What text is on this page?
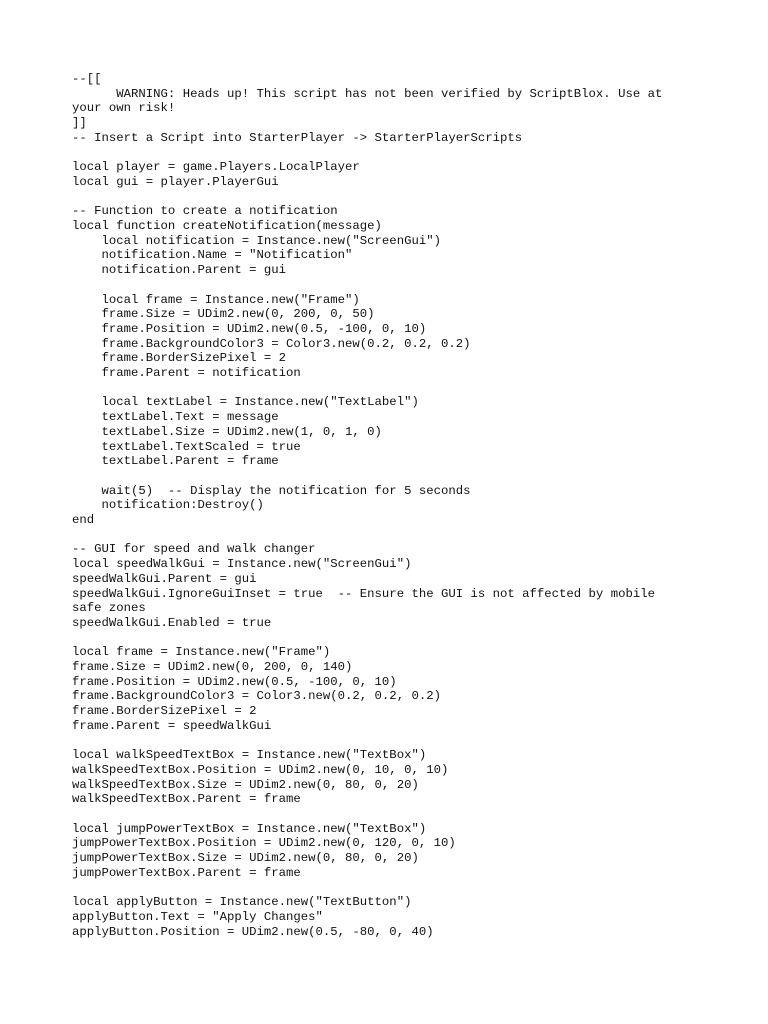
--[[
WARNING: Heads up! This script has not been verified by ScriptBlox. Use at
your own risk!
]]
-- Insert a Script into StarterPlayer -> StarterPlayerScripts
local player = game.Players.LocalPlayer
local gui = player.PlayerGui
-- Function to create a notification
local function createNotification(message)
local notification = Instance.new("ScreenGui")
notification.Name = "Notification"
notification.Parent = gui
local frame = Instance.new("Frame")
frame.Size = UDim2.new(0, 200, 0, 50)
frame.Position = UDim2.new(0.5, -100, 0, 10)
frame.BackgroundColor3 = Color3.new(0.2, 0.2, 0.2)
frame.BorderSizePixel = 2
frame.Parent = notification
local textLabel = Instance.new("TextLabel")
textLabel.Text = message
textLabel.Size = UDim2.new(1, 0, 1, 0)
textLabel.TextScaled = true
textLabel.Parent = frame
wait(5)  -- Display the notification for 5 seconds
notification:Destroy()
end
-- GUI for speed and walk changer
local speedWalkGui = Instance.new("ScreenGui")
speedWalkGui.Parent = gui
speedWalkGui.IgnoreGuiInset = true  -- Ensure the GUI is not affected by mobile
safe zones
speedWalkGui.Enabled = true
local frame = Instance.new("Frame")
frame.Size = UDim2.new(0, 200, 0, 140)
frame.Position = UDim2.new(0.5, -100, 0, 10)
frame.BackgroundColor3 = Color3.new(0.2, 0.2, 0.2)
frame.BorderSizePixel = 2
frame.Parent = speedWalkGui
local walkSpeedTextBox = Instance.new("TextBox")
walkSpeedTextBox.Position = UDim2.new(0, 10, 0, 10)
walkSpeedTextBox.Size = UDim2.new(0, 80, 0, 20)
walkSpeedTextBox.Parent = frame
local jumpPowerTextBox = Instance.new("TextBox")
jumpPowerTextBox.Position = UDim2.new(0, 120, 0, 10)
jumpPowerTextBox.Size = UDim2.new(0, 80, 0, 20)
jumpPowerTextBox.Parent = frame
local applyButton = Instance.new("TextButton")
applyButton.Text = "Apply Changes"
applyButton.Position = UDim2.new(0.5, -80, 0, 40)
